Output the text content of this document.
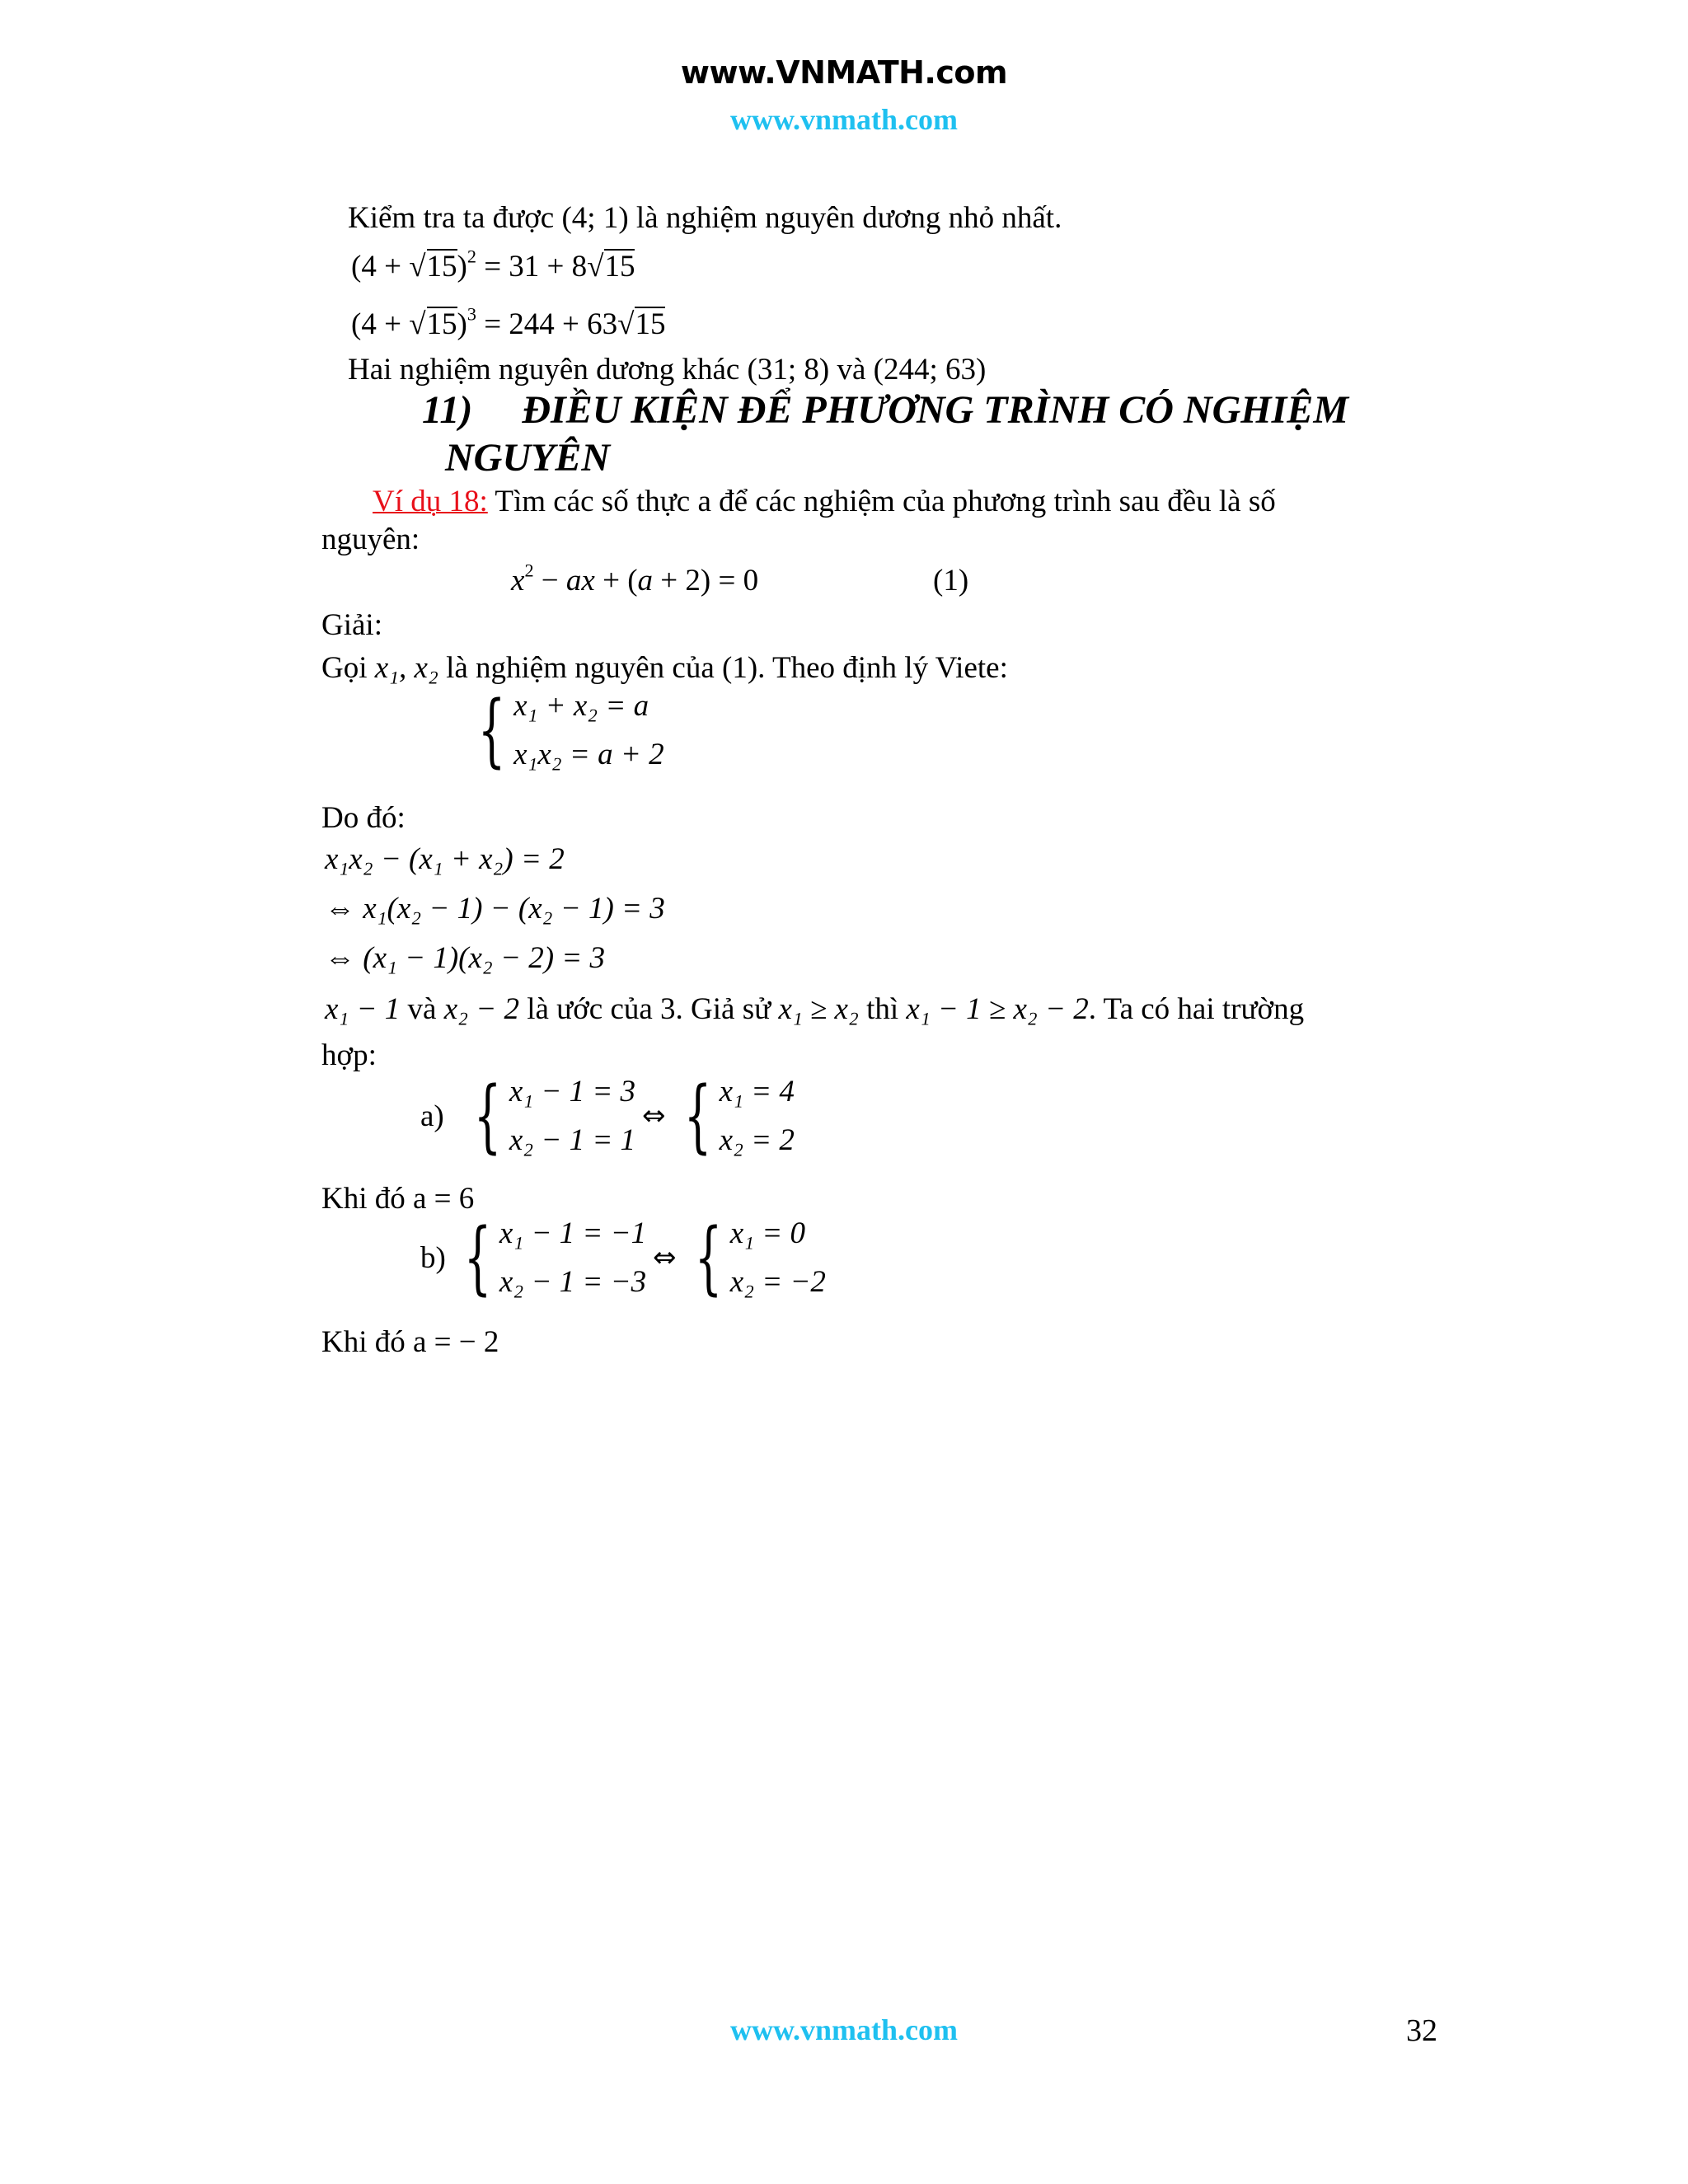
www.VNMATH.com
www.vnmath.com
Kiểm tra ta được (4; 1) là nghiệm nguyên dương nhỏ nhất.
$(4 + √15)^2 = 31 + 8√15$
$(4 + √15)^3 = 244 + 63√15$
Hai nghiệm nguyên dương khác (31; 8) và (244; 63)
11) ĐIỀU KIỆN ĐỂ PHƯƠNG TRÌNH CÓ NGHIỆM
NGUYÊN
Ví dụ 18: Tìm các số thực a để các nghiệm của phương trình sau đều là số
nguyên:
$x^2$ − ax + (a + 2) = 0	(1)
Giải:
Gọi x₁, x₂ là nghiệm nguyên của (1). Theo định lý Viete:
{ x₁ + x₂ = a
x₁x₂ = a + 2
Do đó:
x₁x₂ − (x₁ + x₂) = 2
⇔ x₁(x₂ − 1) − (x₂ − 1) = 3
⇔ (x₁ − 1)(x₂ − 2) = 3
x₁ − 1 và x₂ − 2 là ước của 3. Giả sử x₁ ≥ x₂ thì x₁ − 1 ≥ x₂ − 2. Ta có hai trường
hợp:
a) { x₁ − 1 = 3
x₂ − 1 = 1
⇔ { x₁ = 4
x₂ = 2
Khi đó a = 6
b) { x₁ − 1 = −1
x₂ − 1 = −3
⇔ { x₁ = 0
x₂ = −2
Khi đó a = − 2
www.vnmath.com	32
